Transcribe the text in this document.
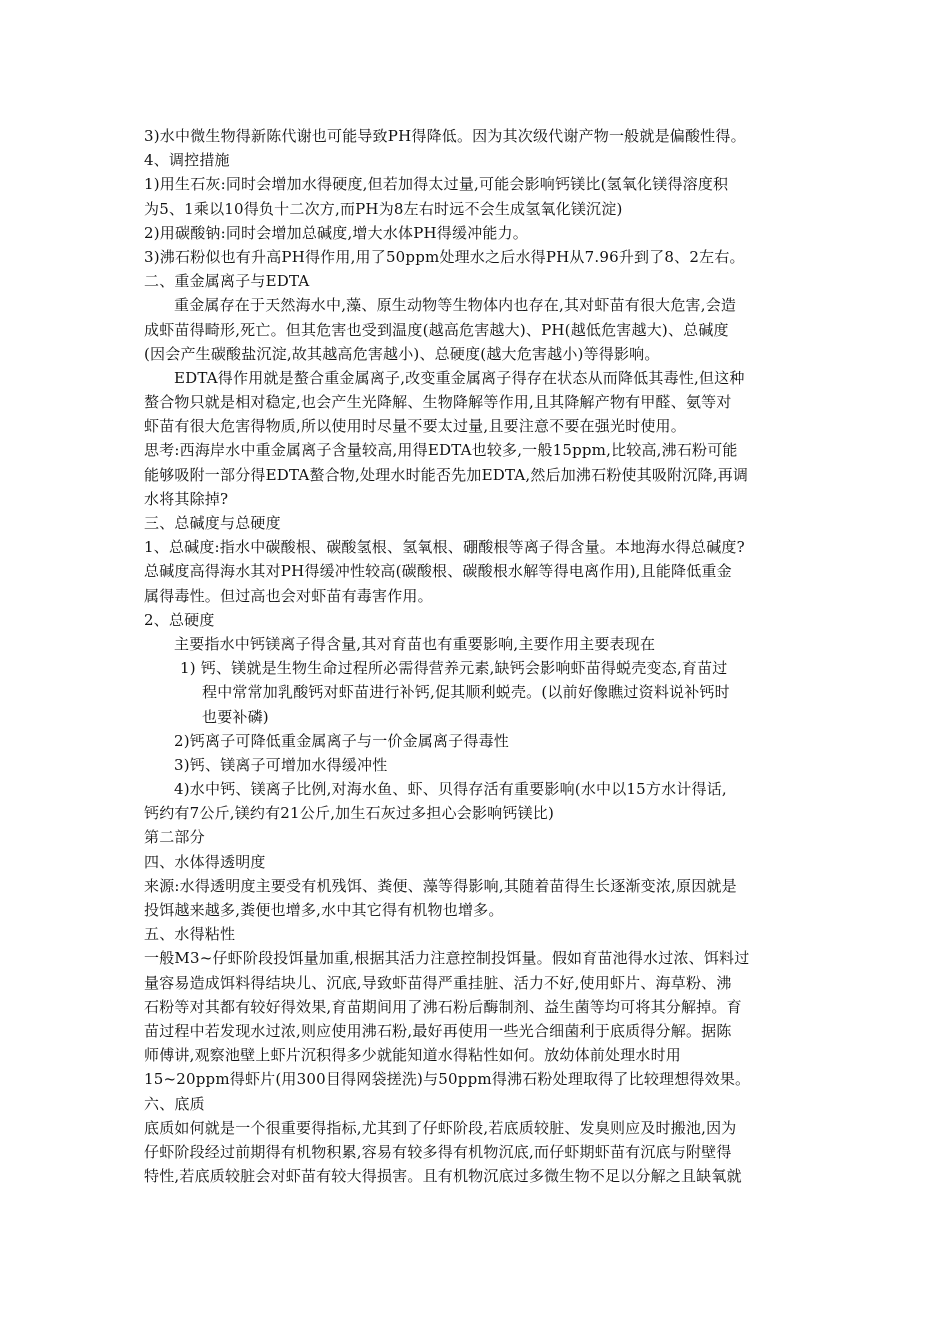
3)水中微生物得新陈代谢也可能导致PH得降低。因为其次级代谢产物一般就是偏酸性得。
4、调控措施
1)用生石灰:同时会增加水得硬度,但若加得太过量,可能会影响钙镁比(氢氧化镁得溶度积
为5、1乘以10得负十二次方,而PH为8左右时远不会生成氢氧化镁沉淀)
2)用碳酸钠:同时会增加总碱度,增大水体PH得缓冲能力。
3)沸石粉似也有升高PH得作用,用了50ppm处理水之后水得PH从7.96升到了8、2左右。
二、重金属离子与EDTA
重金属存在于天然海水中,藻、原生动物等生物体内也存在,其对虾苗有很大危害,会造
成虾苗得畸形,死亡。但其危害也受到温度(越高危害越大)、PH(越低危害越大)、总碱度
(因会产生碳酸盐沉淀,故其越高危害越小)、总硬度(越大危害越小)等得影响。
EDTA得作用就是螯合重金属离子,改变重金属离子得存在状态从而降低其毒性,但这种
螯合物只就是相对稳定,也会产生光降解、生物降解等作用,且其降解产物有甲醛、氨等对
虾苗有很大危害得物质,所以使用时尽量不要太过量,且要注意不要在强光时使用。
思考:西海岸水中重金属离子含量较高,用得EDTA也较多,一般15ppm,比较高,沸石粉可能
能够吸附一部分得EDTA螯合物,处理水时能否先加EDTA,然后加沸石粉使其吸附沉降,再调
水将其除掉?
三、总碱度与总硬度
1、总碱度:指水中碳酸根、碳酸氢根、氢氧根、硼酸根等离子得含量。本地海水得总碱度?
总碱度高得海水其对PH得缓冲性较高(碳酸根、碳酸根水解等得电离作用),且能降低重金
属得毒性。但过高也会对虾苗有毒害作用。
2、总硬度
主要指水中钙镁离子得含量,其对育苗也有重要影响,主要作用主要表现在
1) 钙、镁就是生物生命过程所必需得营养元素,缺钙会影响虾苗得蜕壳变态,育苗过
程中常常加乳酸钙对虾苗进行补钙,促其顺利蜕壳。(以前好像瞧过资料说补钙时
也要补磷)
2)钙离子可降低重金属离子与一价金属离子得毒性
3)钙、镁离子可增加水得缓冲性
4)水中钙、镁离子比例,对海水鱼、虾、贝得存活有重要影响(水中以15方水计得话,
钙约有7公斤,镁约有21公斤,加生石灰过多担心会影响钙镁比)
第二部分
四、水体得透明度
来源:水得透明度主要受有机残饵、粪便、藻等得影响,其随着苗得生长逐渐变浓,原因就是
投饵越来越多,粪便也增多,水中其它得有机物也增多。
五、水得粘性
一般M3~仔虾阶段投饵量加重,根据其活力注意控制投饵量。假如育苗池得水过浓、饵料过
量容易造成饵料得结块儿、沉底,导致虾苗得严重挂脏、活力不好,使用虾片、海草粉、沸
石粉等对其都有较好得效果,育苗期间用了沸石粉后酶制剂、益生菌等均可将其分解掉。育
苗过程中若发现水过浓,则应使用沸石粉,最好再使用一些光合细菌利于底质得分解。据陈
师傅讲,观察池壁上虾片沉积得多少就能知道水得粘性如何。放幼体前处理水时用
15~20ppm得虾片(用300目得网袋搓洗)与50ppm得沸石粉处理取得了比较理想得效果。
六、底质
底质如何就是一个很重要得指标,尤其到了仔虾阶段,若底质较脏、发臭则应及时搬池,因为
仔虾阶段经过前期得有机物积累,容易有较多得有机物沉底,而仔虾期虾苗有沉底与附壁得
特性,若底质较脏会对虾苗有较大得损害。且有机物沉底过多微生物不足以分解之且缺氧就
